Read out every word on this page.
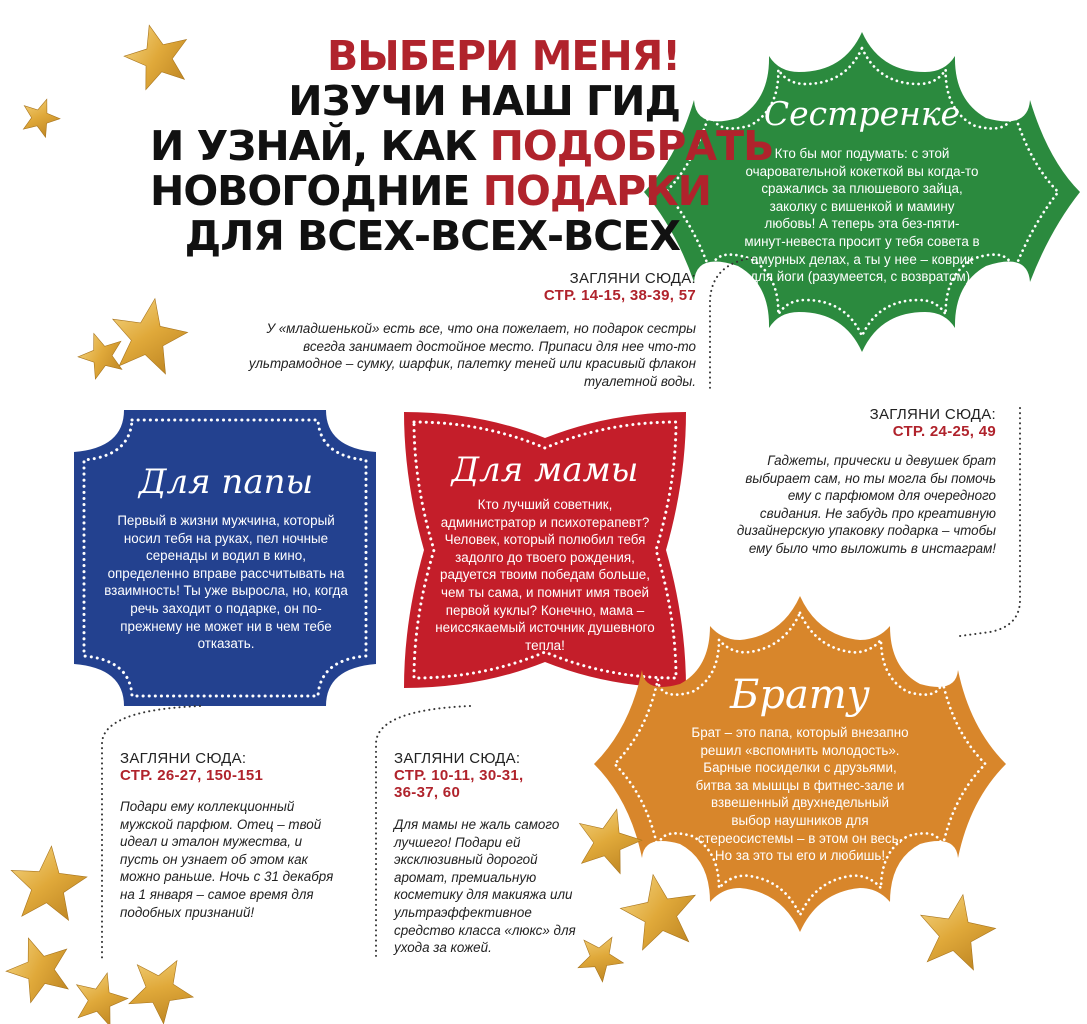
ВЫБЕРИ МЕНЯ!
ИЗУЧИ НАШ ГИД
И УЗНАЙ, КАК ПОДОБРАТЬ
НОВОГОДНИЕ ПОДАРКИ
ДЛЯ ВСЕХ-ВСЕХ-ВСЕХ
Сестренке
Кто бы мог подумать: с этой очаровательной кокеткой вы когда-то сражались за плюшевого зайца, заколку с вишенкой и мамину любовь! А теперь эта без-пяти-минут-невеста просит у тебя совета в амурных делах, а ты у нее – коврик для йоги (разумеется, с возвратом).
ЗАГЛЯНИ СЮДА:
СТР. 14-15, 38-39, 57
У «младшенькой» есть все, что она пожелает, но подарок сестры всегда занимает достойное место. Припаси для нее что-то ультрамодное – сумку, шарфик, палетку теней или красивый флакон туалетной воды.
Для папы
Первый в жизни мужчина, который носил тебя на руках, пел ночные серенады и водил в кино, определенно вправе рассчитывать на взаимность! Ты уже выросла, но, когда речь заходит о подарке, он по-прежнему не может ни в чем тебе отказать.
ЗАГЛЯНИ СЮДА:
СТР. 26-27, 150-151
Подари ему коллекционный мужской парфюм. Отец – твой идеал и эталон мужества, и пусть он узнает об этом как можно раньше. Ночь с 31 декабря на 1 января – самое время для подобных признаний!
Для мамы
Кто лучший советник, администратор и психотерапевт? Человек, который полюбил тебя задолго до твоего рождения, радуется твоим победам больше, чем ты сама, и помнит имя твоей первой куклы? Конечно, мама – неиссякаемый источник душевного тепла!
ЗАГЛЯНИ СЮДА:
СТР. 10-11, 30-31,
36-37, 60
Для мамы не жаль самого лучшего! Подари ей эксклюзивный дорогой аромат, премиальную косметику для макияжа или ультраэффективное средство класса «люкс» для ухода за кожей.
ЗАГЛЯНИ СЮДА:
СТР. 24-25, 49
Гаджеты, прически и девушек брат выбирает сам, но ты могла бы помочь ему с парфюмом для очередного свидания. Не забудь про креативную дизайнерскую упаковку подарка – чтобы ему было что выложить в инстаграм!
Брату
Брат – это папа, который внезапно решил «вспомнить молодость». Барные посиделки с друзьями, битва за мышцы в фитнес-зале и взвешенный двухнедельный выбор наушников для стереосистемы – в этом он весь. Но за это ты его и любишь!
